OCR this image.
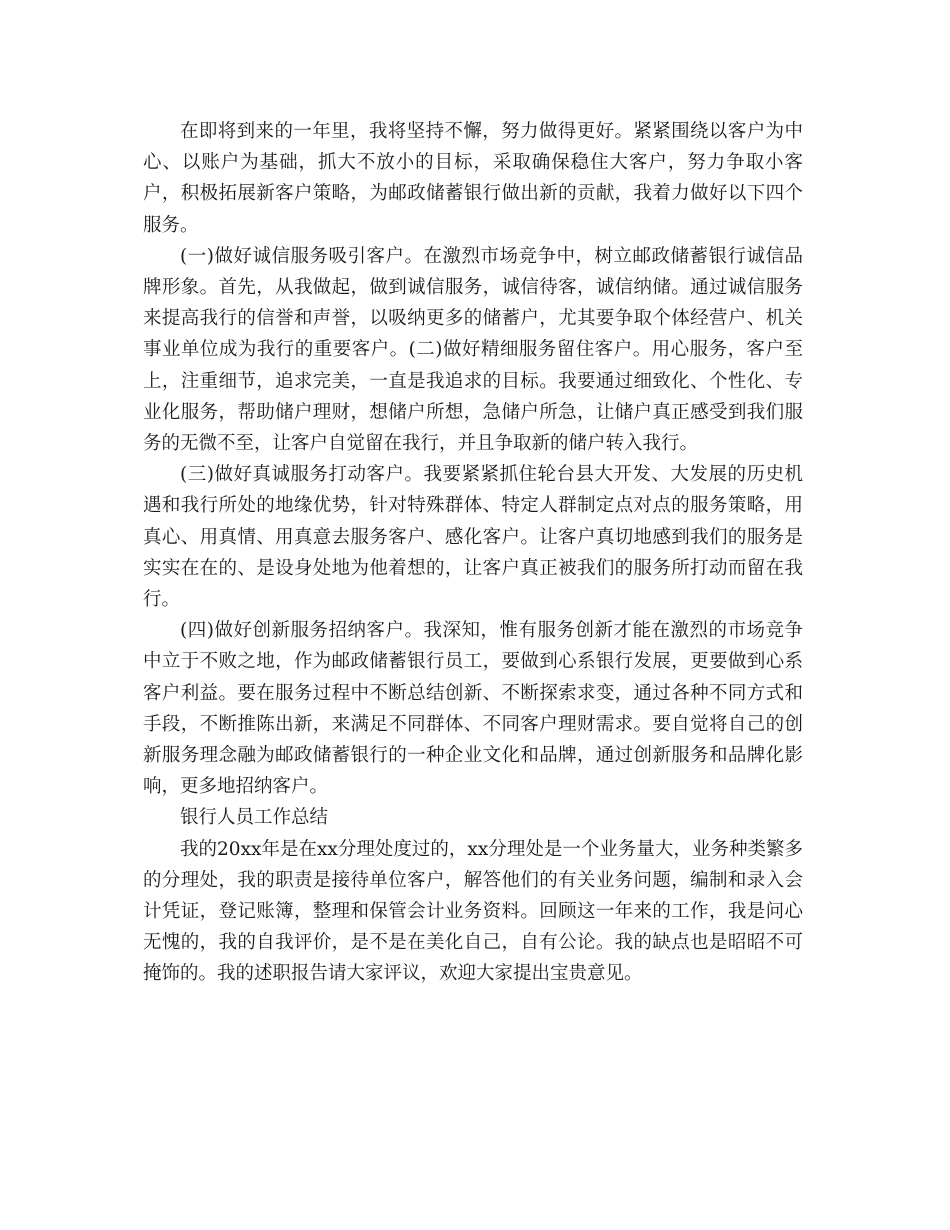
在即将到来的一年里，我将坚持不懈，努力做得更好。紧紧围绕以客户为中心、以账户为基础，抓大不放小的目标，采取确保稳住大客户，努力争取小客户，积极拓展新客户策略，为邮政储蓄银行做出新的贡献，我着力做好以下四个服务。

(一)做好诚信服务吸引客户。在激烈市场竞争中，树立邮政储蓄银行诚信品牌形象。首先，从我做起，做到诚信服务，诚信待客，诚信纳储。通过诚信服务来提高我行的信誉和声誉，以吸纳更多的储蓄户，尤其要争取个体经营户、机关事业单位成为我行的重要客户。(二)做好精细服务留住客户。用心服务，客户至上，注重细节，追求完美，一直是我追求的目标。我要通过细致化、个性化、专业化服务，帮助储户理财，想储户所想，急储户所急，让储户真正感受到我们服务的无微不至，让客户自觉留在我行，并且争取新的储户转入我行。

(三)做好真诚服务打动客户。我要紧紧抓住轮台县大开发、大发展的历史机遇和我行所处的地缘优势，针对特殊群体、特定人群制定点对点的服务策略，用真心、用真情、用真意去服务客户、感化客户。让客户真切地感到我们的服务是实实在在的、是设身处地为他着想的，让客户真正被我们的服务所打动而留在我行。

(四)做好创新服务招纳客户。我深知，惟有服务创新才能在激烈的市场竞争中立于不败之地，作为邮政储蓄银行员工，要做到心系银行发展，更要做到心系客户利益。要在服务过程中不断总结创新、不断探索求变，通过各种不同方式和手段，不断推陈出新，来满足不同群体、不同客户理财需求。要自觉将自己的创新服务理念融为邮政储蓄银行的一种企业文化和品牌，通过创新服务和品牌化影响，更多地招纳客户。

银行人员工作总结

我的20xx年是在xx分理处度过的，xx分理处是一个业务量大，业务种类繁多的分理处，我的职责是接待单位客户，解答他们的有关业务问题，编制和录入会计凭证，登记账簿，整理和保管会计业务资料。回顾这一年来的工作，我是问心无愧的，我的自我评价，是不是在美化自己，自有公论。我的缺点也是昭昭不可掩饰的。我的述职报告请大家评议，欢迎大家提出宝贵意见。
